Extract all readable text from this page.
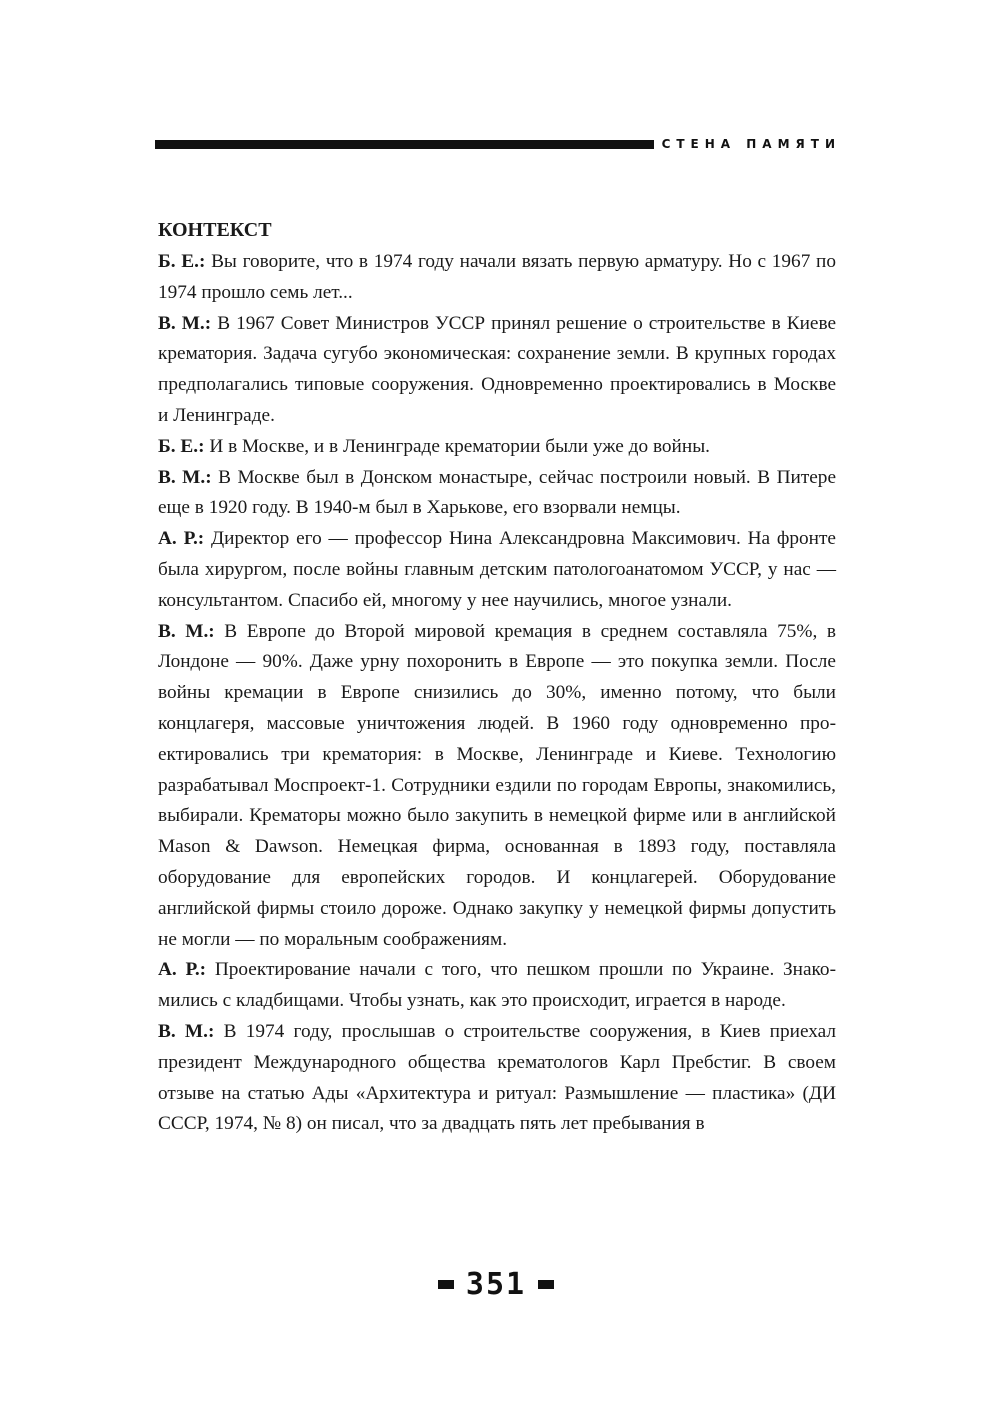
СТЕНА ПАМЯТИ
КОНТЕКСТ

Б. Е.: Вы говорите, что в 1974 году начали вязать первую арматуру. Но с 1967 по 1974 прошло семь лет...

В. М.: В 1967 Совет Министров УССР принял решение о строительстве в Киеве крематория. Задача сугубо экономическая: сохранение земли. В крупных городах предполагались типовые сооружения. Одновременно проектировались в Москве и Ленинграде.

Б. Е.: И в Москве, и в Ленинграде крематории были уже до войны.

В. М.: В Москве был в Донском монастыре, сейчас построили новый. В Питере еще в 1920 году. В 1940-м был в Харькове, его взорвали немцы.

А. Р.: Директор его — профессор Нина Александровна Максимович. На фронте была хирургом, после войны главным детским патологоанатомом УССР, у нас — консультантом. Спасибо ей, многому у нее научились, многое узнали.

В. М.: В Европе до Второй мировой кремация в среднем составляла 75%, в Лондоне — 90%. Даже урну похоронить в Европе — это покупка земли. После войны кремации в Европе снизились до 30%, именно потому, что были концлагеря, массовые уничтожения людей. В 1960 году одновременно проектировались три крематория: в Москве, Ленинграде и Киеве. Технологию разрабатывал Моспроект-1. Сотрудники ездили по городам Европы, знакомились, выбирали. Крематоры можно было закупить в немецкой фирме или в английской Mason & Dawson. Немецкая фирма, основанная в 1893 году, поставляла оборудование для европейских городов. И концлагерей. Оборудование английской фирмы стоило дороже. Однако закупку у немецкой фирмы допустить не могли — по моральным соображениям.

А. Р.: Проектирование начали с того, что пешком прошли по Украине. Знакомились с кладбищами. Чтобы узнать, как это происходит, играется в народе.

В. М.: В 1974 году, прослышав о строительстве сооружения, в Киев приехал президент Международного общества крематологов Карл Пребстиг. В своем отзыве на статью Ады «Архитектура и ритуал: Размышление — пластика» (ДИ СССР, 1974, № 8) он писал, что за двадцать пять лет пребывания в

351
